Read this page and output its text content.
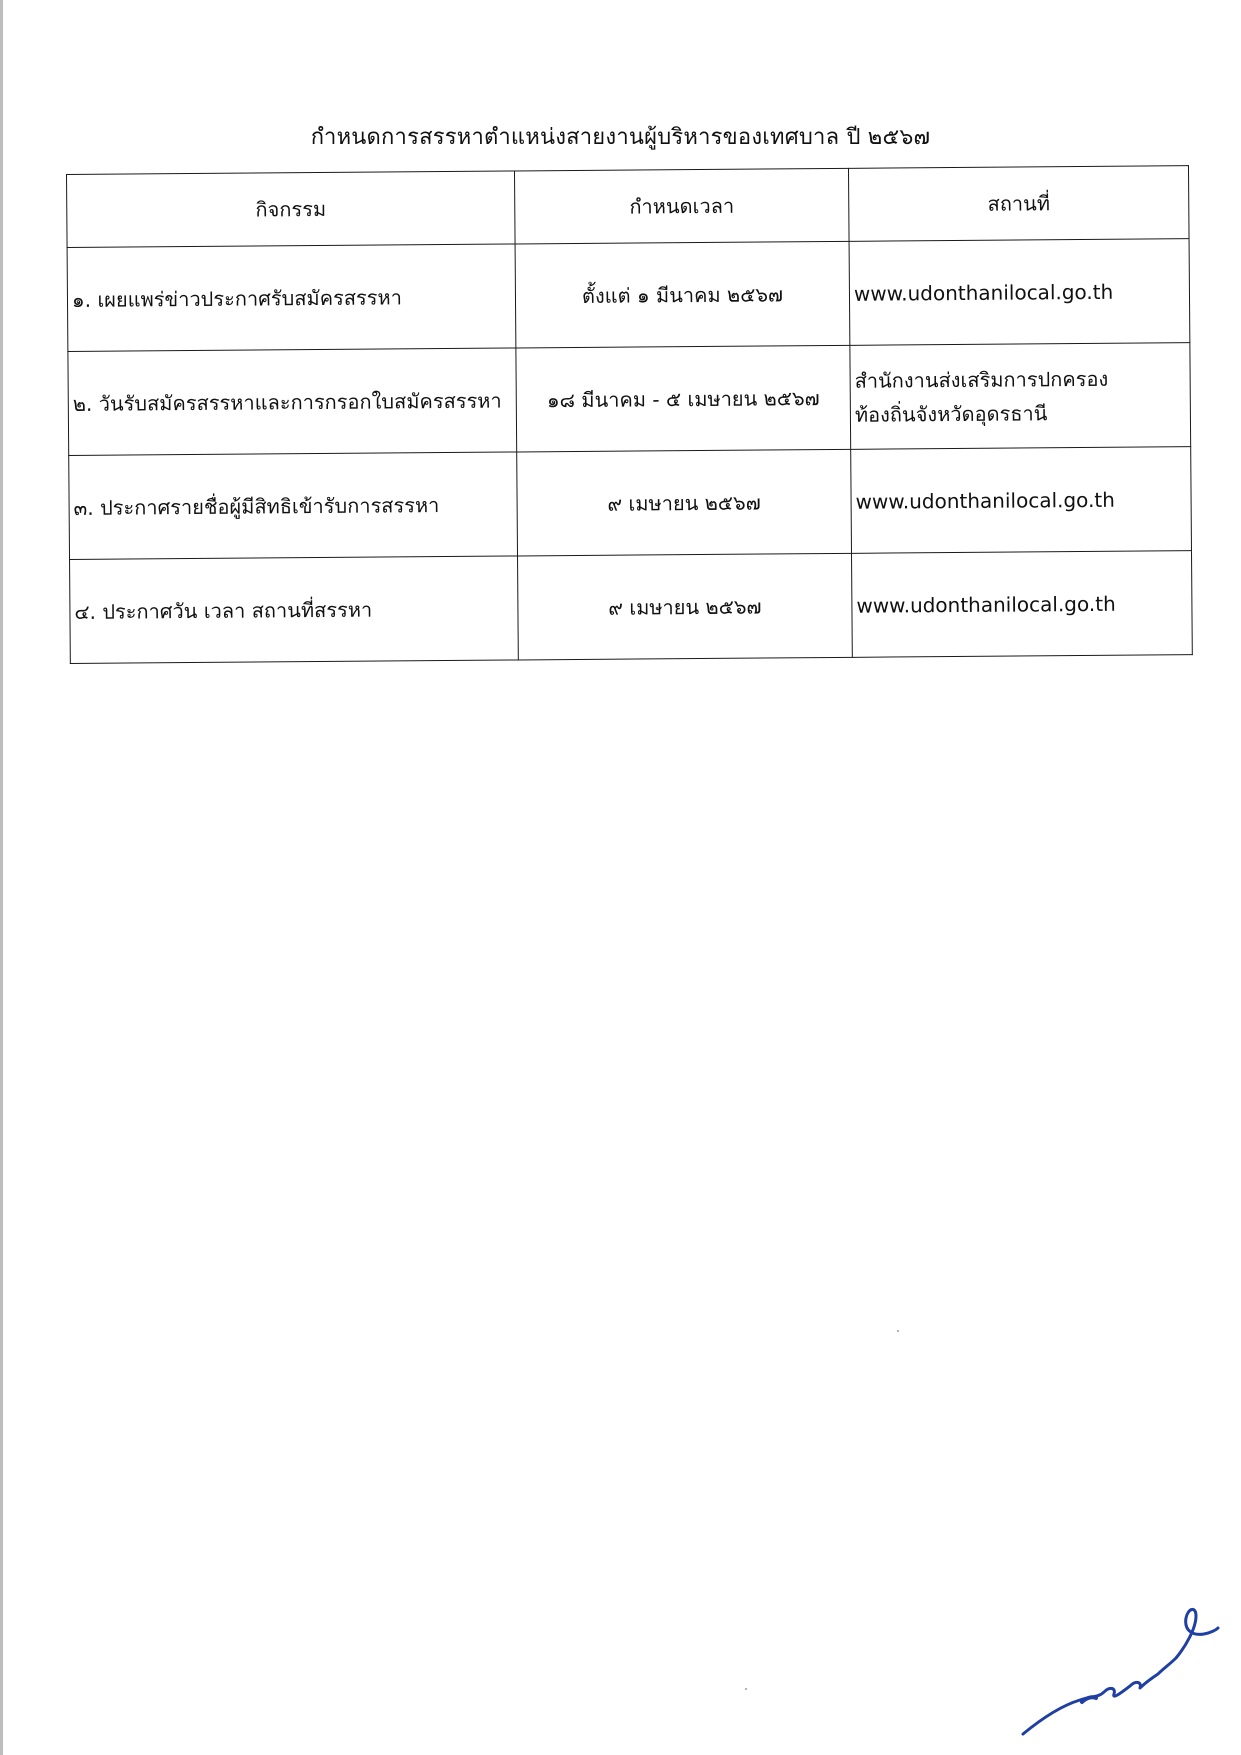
กำหนดการสรรหาตำแหน่งสายงานผู้บริหารของเทศบาล ปี ๒๕๖๗
กิจกรรม	กำหนดเวลา	สถานที่
๑. เผยแพร่ข่าวประกาศรับสมัครสรรหา	ตั้งแต่ ๑ มีนาคม ๒๕๖๗	www.udonthanilocal.go.th

๒. วันรับสมัครสรรหาและการกรอกใบสมัครสรรหา	๑๘ มีนาคม - ๕ เมษายน ๒๕๖๗	สำนักงานส่งเสริมการปกครอง
ท้องถิ่นจังหวัดอุดรธานี

๓. ประกาศรายชื่อผู้มีสิทธิเข้ารับการสรรหา	๙ เมษายน ๒๕๖๗	www.udonthanilocal.go.th

๔. ประกาศวัน เวลา สถานที่สรรหา	๙ เมษายน ๒๕๖๗	www.udonthanilocal.go.th
